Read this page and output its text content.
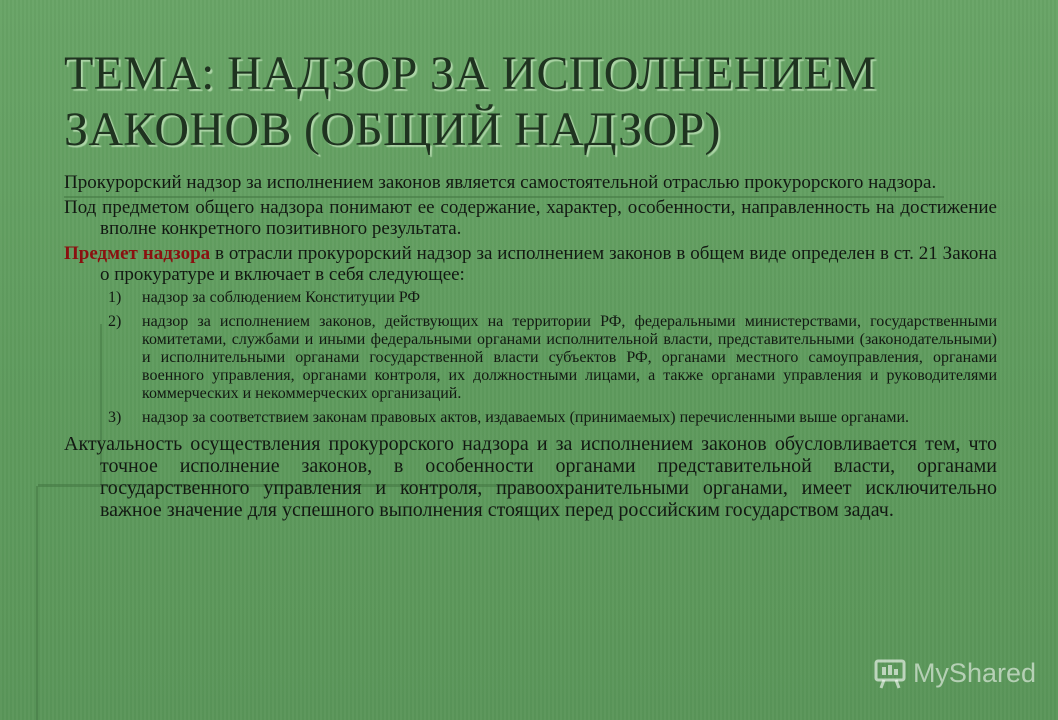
ТЕМА: НАДЗОР ЗА ИСПОЛНЕНИЕМ ЗАКОНОВ (ОБЩИЙ НАДЗОР)

Прокурорский надзор за исполнением законов является самостоятельной отраслью прокурорского надзора.

Под предметом общего надзора понимают ее содержание, характер, особенности, направленность на достижение вполне конкретного позитивного результата.

Предмет надзора в отрасли прокурорский надзор за исполнением законов в общем виде определен в ст. 21 Закона о прокуратуре и включает в себя следующее:

1)	надзор за соблюдением Конституции РФ
2)	надзор за исполнением законов, действующих на территории РФ, федеральными министерствами, государственными комитетами, службами и иными федеральными органами исполнительной власти, представительными (законодательными) и исполнительными органами государственной власти субъектов РФ, органами местного самоуправления, органами военного управления, органами контроля, их должностными лицами, а также органами управления и руководителями коммерческих и некоммерческих организаций.
3)	надзор за соответствием законам правовых актов, издаваемых (принимаемых) перечисленными выше органами.

Актуальность осуществления прокурорского надзора и за исполнением законов обусловливается тем, что точное исполнение законов, в особенности органами представительной власти, органами государственного управления и контроля, правоохранительными органами, имеет исключительно важное значение для успешного выполнения стоящих перед российским государством задач.

MyShared
